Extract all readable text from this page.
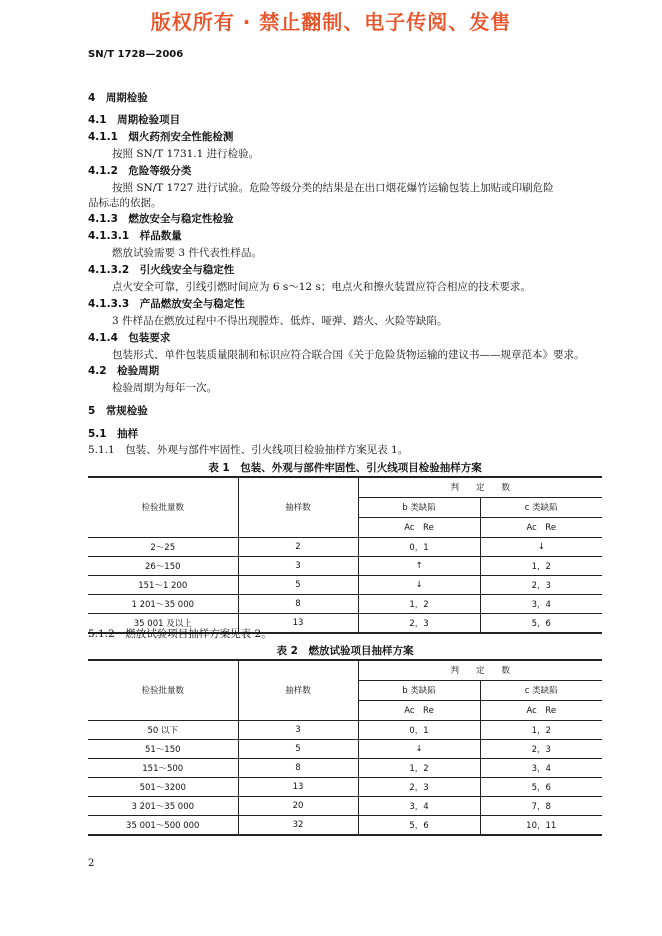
版权所有 · 禁止翻制、电子传阅、发售
SN/T 1728—2006
4　 周期检验
4.1　 周期检验项目
4.1.1　 烟火药剂安全性能检测
按照 SN/T 1731.1 进行检验。
4.1.2　 危险等级分类
按照 SN/T 1727 进行试验。危险等级分类的结果是在出口烟花爆竹运输包装上加贴或印刷危险
品标志的依据。
4.1.3　 燃放安全与稳定性检验
4.1.3.1　 样品数量
燃放试验需要 3 件代表性样品。
4.1.3.2　 引火线安全与稳定性
点火安全可靠，引线引燃时间应为 6 s～12 s；电点火和擦火装置应符合相应的技术要求。
4.1.3.3　 产品燃放安全与稳定性
3 件样品在燃放过程中不得出现膛炸、低炸、哑弹、踏火、火险等缺陷。
4.1.4　 包装要求
包装形式、单件包装质量限制和标识应符合联合国《关于危险货物运输的建议书——规章范本》要求。
4.2　 检验周期
检验周期为每年一次。
5　 常规检验
5.1　 抽样
5.1.1　包装、外观与部件牢固性、引火线项目检验抽样方案见表 1。
表 1　包装、外观与部件牢固性、引火线项目检验抽样方案
检验批量数	抽样数	判　　定　　数	
		b 类缺陷	c 类缺陷
		Ac　Re	Ac　Re
2～25	2	0，1	↓
26～150	3	↑	1，2
151～1 200	5	↓	2，3
1 201～35 000	8	1，2	3，4
35 001 及以上	13	2，3	5，6
5.1.2　燃放试验项目抽样方案见表 2。
表 2　燃放试验项目抽样方案
检验批量数	抽样数	判　　定　　数	
		b 类缺陷	c 类缺陷
		Ac　Re	Ac　Re
50 以下	3	0，1	1，2
51～150	5	↓	2，3
151～500	8	1，2	3，4
501～3200	13	2，3	5，6
3 201～35 000	20	3，4	7，8
35 001～500 000	32	5，6	10，11
2
